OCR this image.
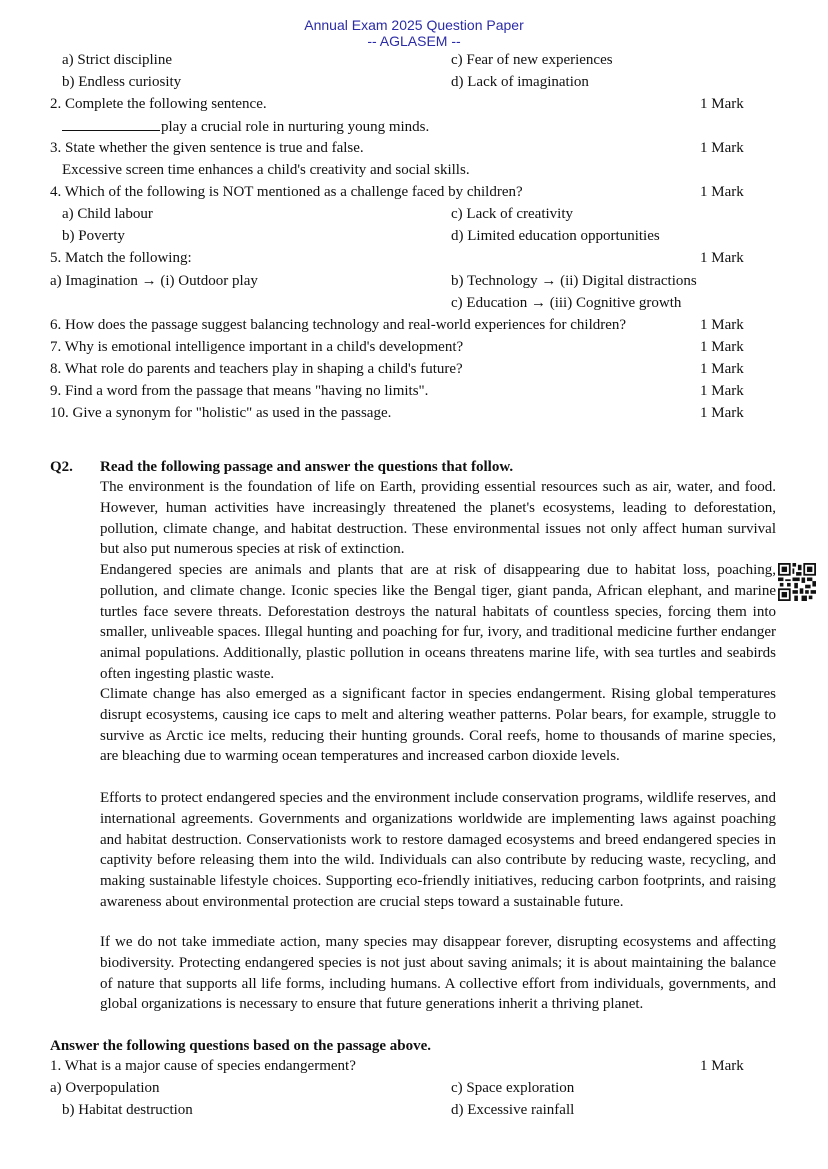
Annual Exam 2025 Question Paper
-- AGLASEM --
a) Strict discipline	c) Fear of new experiences
b) Endless curiosity	d) Lack of imagination
2. Complete the following sentence.	1 Mark
play a crucial role in nurturing young minds.
3. State whether the given sentence is true and false.	1 Mark
Excessive screen time enhances a child's creativity and social skills.
4. Which of the following is NOT mentioned as a challenge faced by children?	1 Mark
a) Child labour	c) Lack of creativity
b) Poverty	d) Limited education opportunities
5. Match the following:	1 Mark
a) Imagination → (i) Outdoor play	b) Technology → (ii) Digital distractions
c) Education → (iii) Cognitive growth
6. How does the passage suggest balancing technology and real-world experiences for children?	1 Mark
7. Why is emotional intelligence important in a child's development?	1 Mark
8. What role do parents and teachers play in shaping a child's future?	1 Mark
9. Find a word from the passage that means "having no limits".	1 Mark
10. Give a synonym for "holistic" as used in the passage.	1 Mark
Q2. Read the following passage and answer the questions that follow.
The environment is the foundation of life on Earth, providing essential resources such as air, water, and food. However, human activities have increasingly threatened the planet's ecosystems, leading to deforestation, pollution, climate change, and habitat destruction. These environmental issues not only affect human survival but also put numerous species at risk of extinction.
Endangered species are animals and plants that are at risk of disappearing due to habitat loss, poaching, pollution, and climate change. Iconic species like the Bengal tiger, giant panda, African elephant, and marine turtles face severe threats. Deforestation destroys the natural habitats of countless species, forcing them into smaller, unliveable spaces. Illegal hunting and poaching for fur, ivory, and traditional medicine further endanger animal populations. Additionally, plastic pollution in oceans threatens marine life, with sea turtles and seabirds often ingesting plastic waste.
Climate change has also emerged as a significant factor in species endangerment. Rising global temperatures disrupt ecosystems, causing ice caps to melt and altering weather patterns. Polar bears, for example, struggle to survive as Arctic ice melts, reducing their hunting grounds. Coral reefs, home to thousands of marine species, are bleaching due to warming ocean temperatures and increased carbon dioxide levels.
Efforts to protect endangered species and the environment include conservation programs, wildlife reserves, and international agreements. Governments and organizations worldwide are implementing laws against poaching and habitat destruction. Conservationists work to restore damaged ecosystems and breed endangered species in captivity before releasing them into the wild. Individuals can also contribute by reducing waste, recycling, and making sustainable lifestyle choices. Supporting eco-friendly initiatives, reducing carbon footprints, and raising awareness about environmental protection are crucial steps toward a sustainable future.
If we do not take immediate action, many species may disappear forever, disrupting ecosystems and affecting biodiversity. Protecting endangered species is not just about saving animals; it is about maintaining the balance of nature that supports all life forms, including humans. A collective effort from individuals, governments, and global organizations is necessary to ensure that future generations inherit a thriving planet.
Answer the following questions based on the passage above.
1. What is a major cause of species endangerment?	1 Mark
a) Overpopulation	c) Space exploration
b) Habitat destruction	d) Excessive rainfall
